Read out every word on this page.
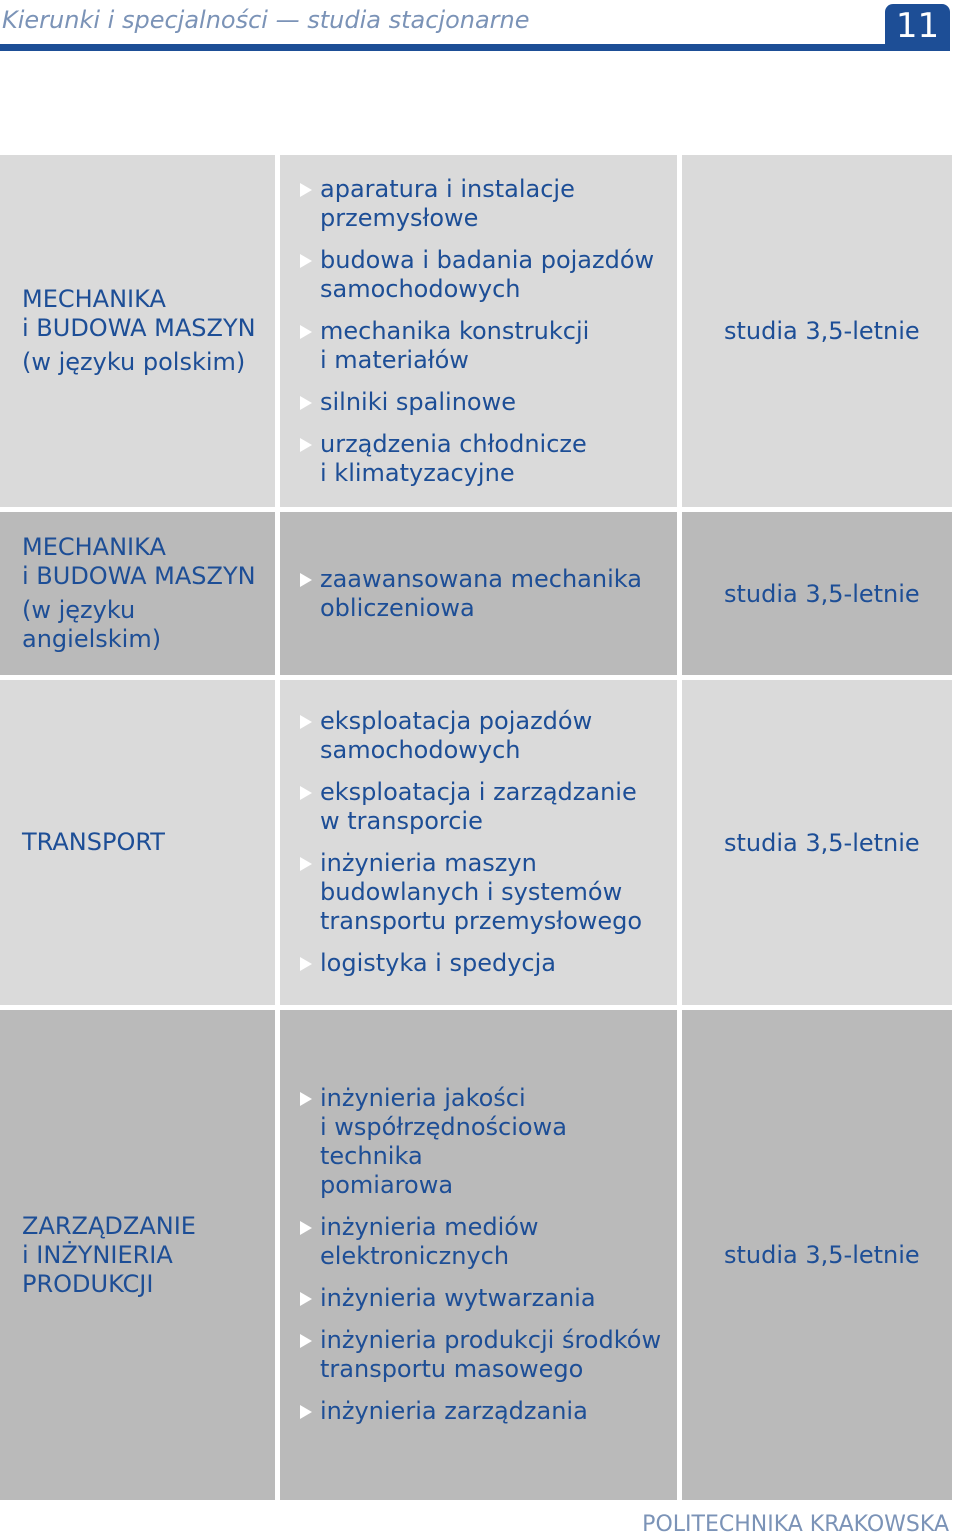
Kierunki i specjalności — studia stacjonarne	11
MECHANIKA
i BUDOWA MASZYN
(w języku polskim)
aparatura i instalacje
przemysłowe
budowa i badania pojazdów
samochodowych
mechanika konstrukcji
i materiałów
silniki spalinowe
urządzenia chłodnicze
i klimatyzacyjne
studia 3,5-letnie
MECHANIKA
i BUDOWA MASZYN
(w języku angielskim)
zaawansowana mechanika
obliczeniowa	studia 3,5-letnie
TRANSPORT
eksploatacja pojazdów
samochodowych
eksploatacja i zarządzanie
w transporcie
inżynieria maszyn
budowlanych i systemów
transportu przemysłowego
logistyka i spedycja
studia 3,5-letnie
ZARZĄDZANIE
i INŻYNIERIA
PRODUKCJI
inżynieria jakości
i współrzędnościowa technika
pomiarowa
inżynieria mediów
elektronicznych
inżynieria wytwarzania
inżynieria produkcji środków
transportu masowego
inżynieria zarządzania
studia 3,5-letnie
POLITECHNIKA KRAKOWSKA
